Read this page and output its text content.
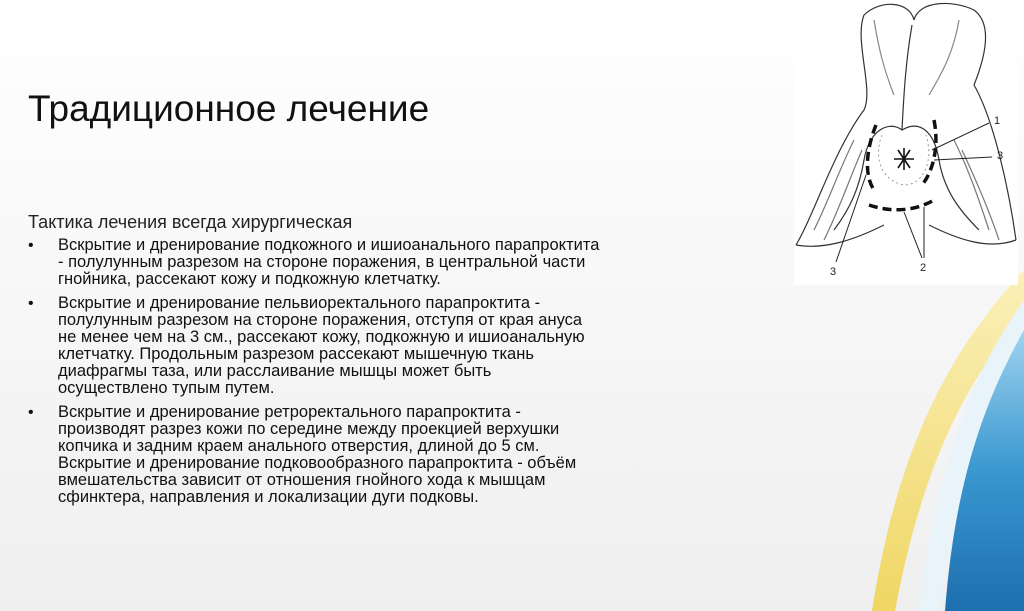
Традиционное лечение

Тактика лечения всегда хирургическая

• Вскрытие и дренирование подкожного и ишиоанального парапроктита - полулунным разрезом на стороне поражения, в центральной части гнойника, рассекают кожу и подкожную клетчатку.

• Вскрытие и дренирование пельвиоректального парапроктита - полулунным разрезом на стороне поражения, отступя от края ануса не менее чем на 3 см., рассекают кожу, подкожную и ишиоанальную клетчатку. Продольным разрезом рассекают мышечную ткань диафрагмы таза, или расслаивание мышцы может быть осуществлено тупым путем.

• Вскрытие и дренирование ретроректального парапроктита - производят разрез кожи по середине между проекцией верхушки копчика и задним краем анального отверстия, длиной до 5 см.

Вскрытие и дренирование подковообразного парапроктита - объём вмешательства зависит от отношения гнойного хода к мышцам сфинктера, направления и локализации дуги подковы.

1
3
3	2
